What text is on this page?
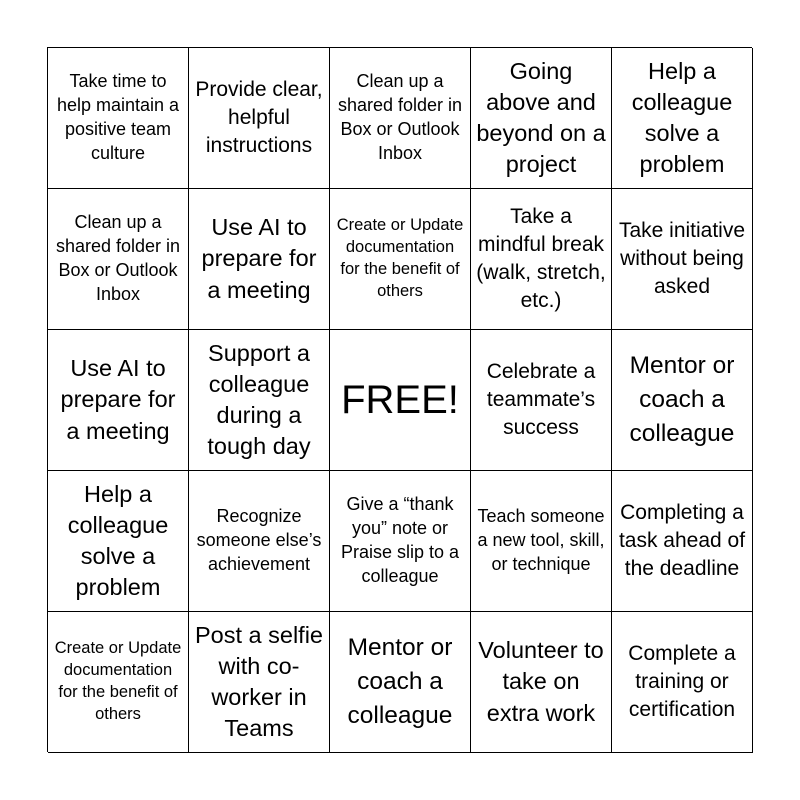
Take time to help maintain a positive team culture
Provide clear, helpful instructions
Clean up a shared folder in Box or Outlook Inbox
Going above and beyond on a project
Help a colleague solve a problem
Clean up a shared folder in Box or Outlook Inbox
Use AI to prepare for a meeting
Create or Update documentation for the benefit of others
Take a mindful break (walk, stretch, etc.)
Take initiative without being asked
Use AI to prepare for a meeting
Support a colleague during a tough day
FREE!
Celebrate a teammate’s success
Mentor or coach a colleague
Help a colleague solve a problem
Recognize someone else’s achievement
Give a “thank you” note or Praise slip to a colleague
Teach someone a new tool, skill, or technique
Completing a task ahead of the deadline
Create or Update documentation for the benefit of others
Post a selfie with co-worker in Teams
Mentor or coach a colleague
Volunteer to take on extra work
Complete a training or certification
